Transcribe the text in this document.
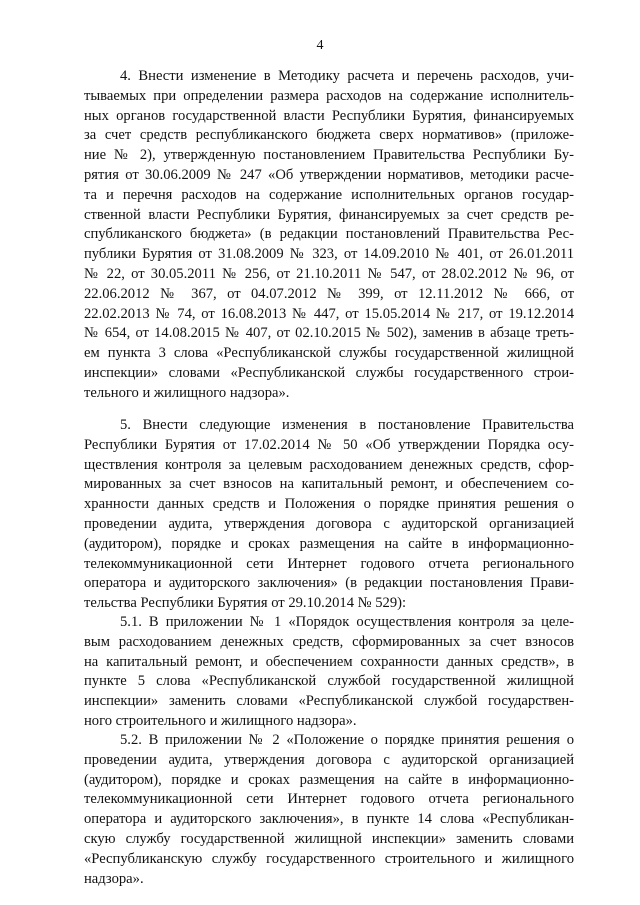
4
4. Внести изменение в Методику расчета и перечень расходов, учи-
тываемых при определении размера расходов на содержание исполнитель-
ных органов государственной власти Республики Бурятия, финансируемых
за счет средств республиканского бюджета сверх нормативов» (приложе-
ние № 2), утвержденную постановлением Правительства Республики Бу-
рятия от 30.06.2009 № 247 «Об утверждении нормативов, методики расче-
та и перечня расходов на содержание исполнительных органов государ-
ственной власти Республики Бурятия, финансируемых за счет средств ре-
спубликанского бюджета» (в редакции постановлений Правительства Рес-
публики Бурятия от 31.08.2009 № 323, от 14.09.2010 № 401, от 26.01.2011
№ 22, от 30.05.2011 № 256, от 21.10.2011 № 547, от 28.02.2012 № 96, от
22.06.2012 № 367, от 04.07.2012 № 399, от 12.11.2012 № 666, от
22.02.2013 № 74, от 16.08.2013 № 447, от 15.05.2014 № 217, от 19.12.2014
№ 654, от 14.08.2015 № 407, от 02.10.2015 № 502), заменив в абзаце треть-
ем пункта 3 слова «Республиканской службы государственной жилищной
инспекции» словами «Республиканской службы государственного строи-
тельного и жилищного надзора».
5. Внести следующие изменения в постановление Правительства
Республики Бурятия от 17.02.2014 № 50 «Об утверждении Порядка осу-
ществления контроля за целевым расходованием денежных средств, сфор-
мированных за счет взносов на капитальный ремонт, и обеспечением со-
хранности данных средств и Положения о порядке принятия решения о
проведении аудита, утверждения договора с аудиторской организацией
(аудитором), порядке и сроках размещения на сайте в информационно-
телекоммуникационной сети Интернет годового отчета регионального
оператора и аудиторского заключения» (в редакции постановления Прави-
тельства Республики Бурятия от 29.10.2014 № 529):
5.1. В приложении № 1 «Порядок осуществления контроля за целе-
вым расходованием денежных средств, сформированных за счет взносов
на капитальный ремонт, и обеспечением сохранности данных средств», в
пункте 5 слова «Республиканской службой государственной жилищной
инспекции» заменить словами «Республиканской службой государствен-
ного строительного и жилищного надзора».
5.2. В приложении № 2 «Положение о порядке принятия решения о
проведении аудита, утверждения договора с аудиторской организацией
(аудитором), порядке и сроках размещения на сайте в информационно-
телекоммуникационной сети Интернет годового отчета регионального
оператора и аудиторского заключения», в пункте 14 слова «Республикан-
скую службу государственной жилищной инспекции» заменить словами
«Республиканскую службу государственного строительного и жилищного
надзора».
